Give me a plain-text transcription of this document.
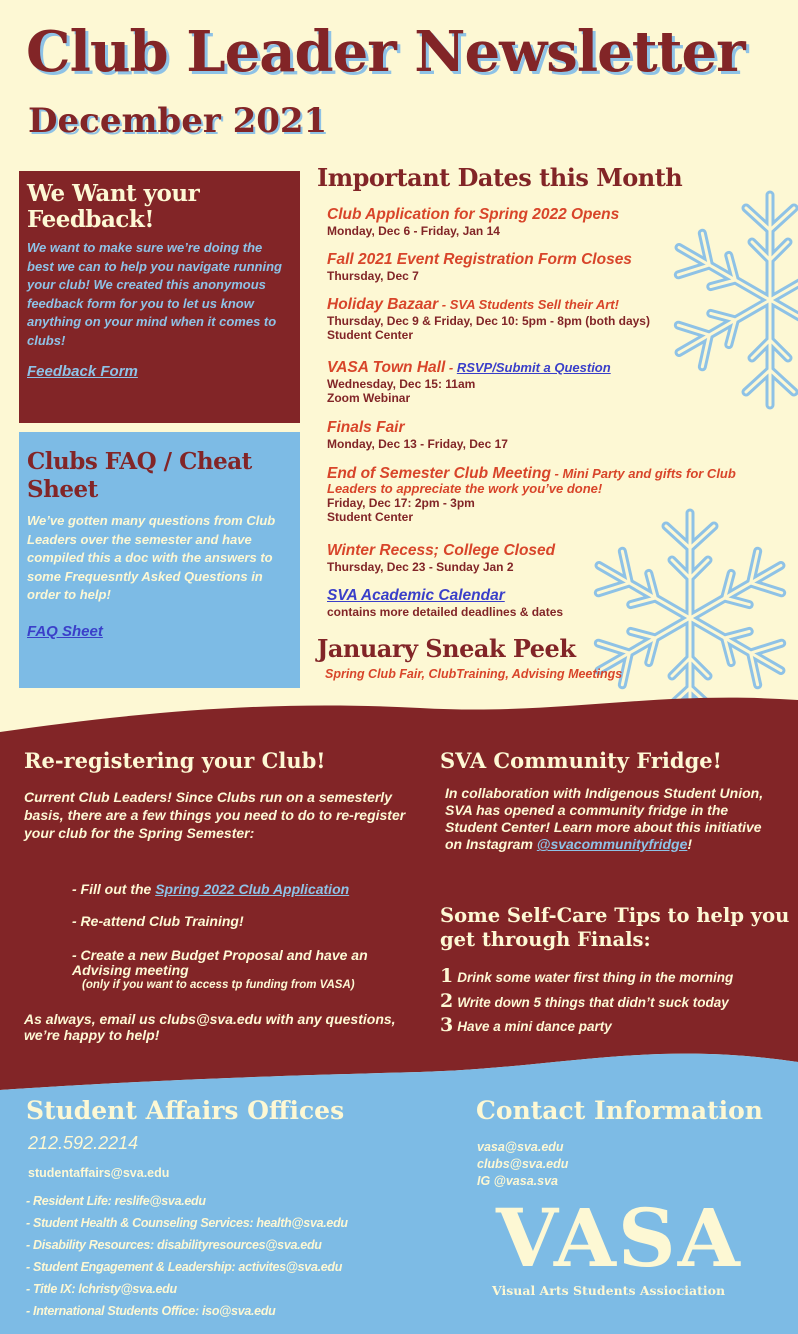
Club Leader Newsletter
December 2021
We Want your Feedback!

We want to make sure we’re doing the best we can to help you navigate running your club! We created this anonymous feedback form for you to let us know anything on your mind when it comes to clubs!

Feedback Form
Clubs FAQ / Cheat Sheet

We’ve gotten many questions from Club Leaders over the semester and have compiled this a doc with the answers to some Frequesntly Asked Questions in order to help!

FAQ Sheet
Important Dates this Month
Club Application for Spring 2022 Opens
Monday, Dec 6 - Friday, Jan 14
Fall 2021 Event Registration Form Closes
Thursday, Dec 7
Holiday Bazaar - SVA Students Sell their Art!
Thursday, Dec 9 & Friday, Dec 10: 5pm - 8pm (both days)
Student Center
VASA Town Hall - RSVP/Submit a Question
Wednesday, Dec 15: 11am
Zoom Webinar
Finals Fair
Monday, Dec 13 - Friday, Dec 17
End of Semester Club Meeting - Mini Party and gifts for Club Leaders to appreciate the work you’ve done!
Friday, Dec 17: 2pm - 3pm
Student Center
Winter Recess; College Closed
Thursday, Dec 23 - Sunday Jan 2
SVA Academic Calendar
contains more detailed deadlines & dates
January Sneak Peek
Spring Club Fair, ClubTraining, Advising Meetings
Re-registering your Club!
Current Club Leaders! Since Clubs run on a semesterly basis, there are a few things you need to do to re-register your club for the Spring Semester:
- Fill out the Spring 2022 Club Application
- Re-attend Club Training!
- Create a new Budget Proposal and have an Advising meeting
(only if you want to access tp funding from VASA)
As always, email us clubs@sva.edu with any questions, we’re happy to help!
SVA Community Fridge!
In collaboration with Indigenous Student Union, SVA has opened a community fridge in the Student Center! Learn more about this initiative on Instagram @svacommunityfridge!
Some Self-Care Tips to help you get through Finals:
1 Drink some water first thing in the morning
2 Write down 5 things that didn’t suck today
3 Have a mini dance party
Student Affairs Offices
212.592.2214
studentaffairs@sva.edu
- Resident Life: reslife@sva.edu
- Student Health & Counseling Services: health@sva.edu
- Disability Resources: disabilityresources@sva.edu
- Student Engagement & Leadership: activites@sva.edu
- Title IX: lchristy@sva.edu
- International Students Office: iso@sva.edu
Contact Information
vasa@sva.edu
clubs@sva.edu
IG @vasa.sva
VASA
Visual Arts Students Assiociation
